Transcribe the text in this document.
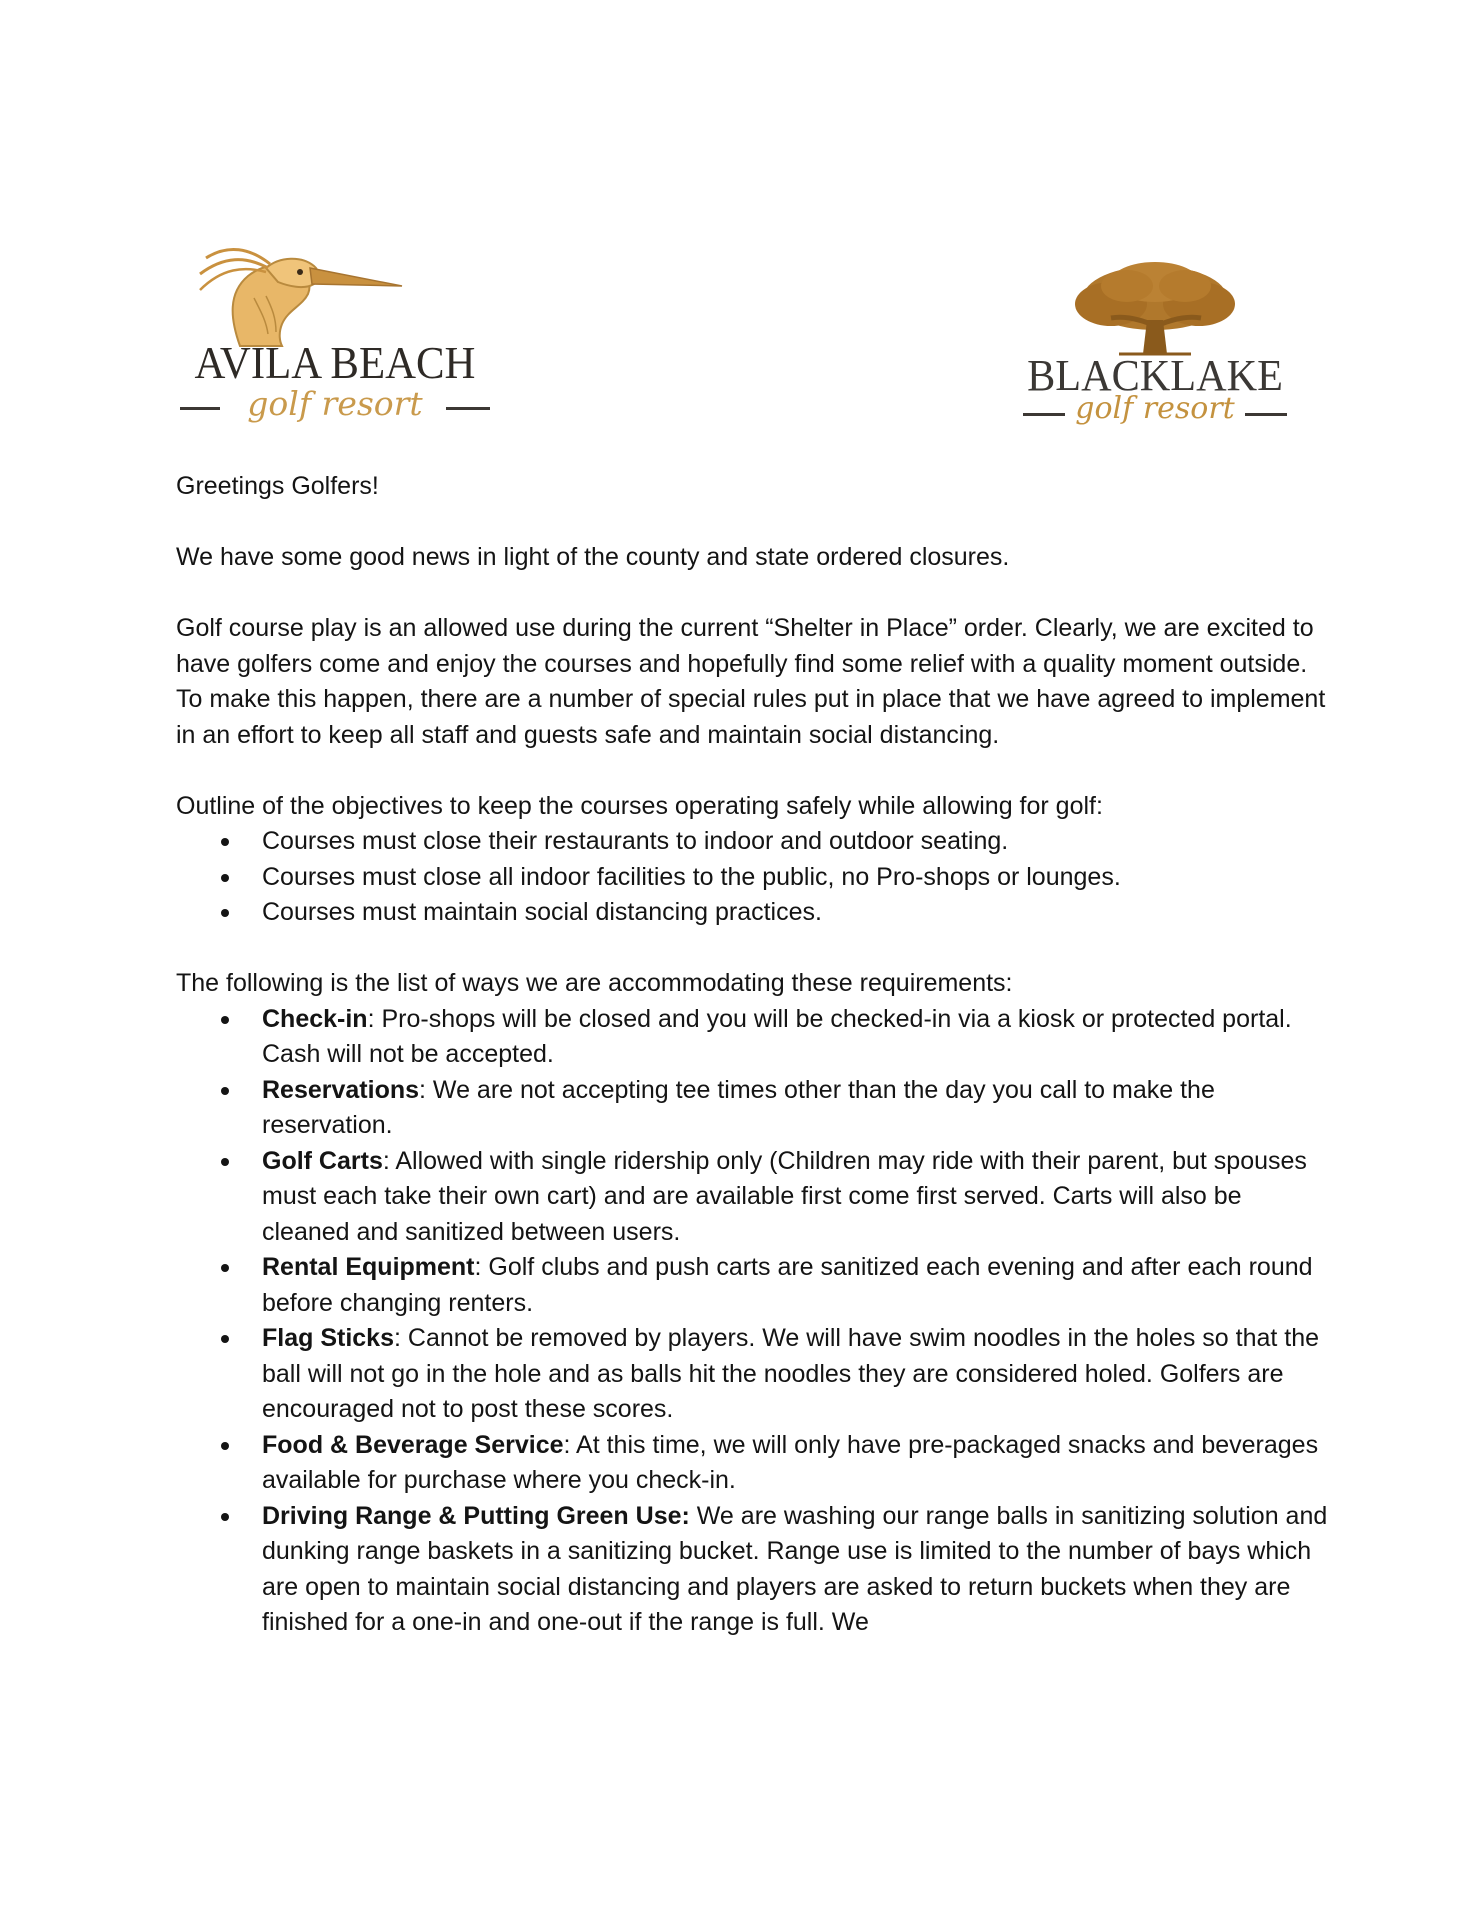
AVILA BEACH
golf resort
BLACKLAKE
golf resort

Greetings Golfers!

We have some good news in light of the county and state ordered closures.

Golf course play is an allowed use during the current “Shelter in Place” order. Clearly, we are excited to have golfers come and enjoy the courses and hopefully find some relief with a quality moment outside. To make this happen, there are a number of special rules put in place that we have agreed to implement in an effort to keep all staff and guests safe and maintain social distancing.

Outline of the objectives to keep the courses operating safely while allowing for golf:

Courses must close their restaurants to indoor and outdoor seating.
Courses must close all indoor facilities to the public, no Pro-shops or lounges.
Courses must maintain social distancing practices.

The following is the list of ways we are accommodating these requirements:

Check-in: Pro-shops will be closed and you will be checked-in via a kiosk or protected portal. Cash will not be accepted.
Reservations: We are not accepting tee times other than the day you call to make the reservation.
Golf Carts: Allowed with single ridership only (Children may ride with their parent, but spouses must each take their own cart) and are available first come first served. Carts will also be cleaned and sanitized between users.
Rental Equipment: Golf clubs and push carts are sanitized each evening and after each round before changing renters.
Flag Sticks: Cannot be removed by players. We will have swim noodles in the holes so that the ball will not go in the hole and as balls hit the noodles they are considered holed. Golfers are encouraged not to post these scores.
Food & Beverage Service: At this time, we will only have pre-packaged snacks and beverages available for purchase where you check-in.
Driving Range & Putting Green Use: We are washing our range balls in sanitizing solution and dunking range baskets in a sanitizing bucket. Range use is limited to the number of bays which are open to maintain social distancing and players are asked to return buckets when they are finished for a one-in and one-out if the range is full. We
